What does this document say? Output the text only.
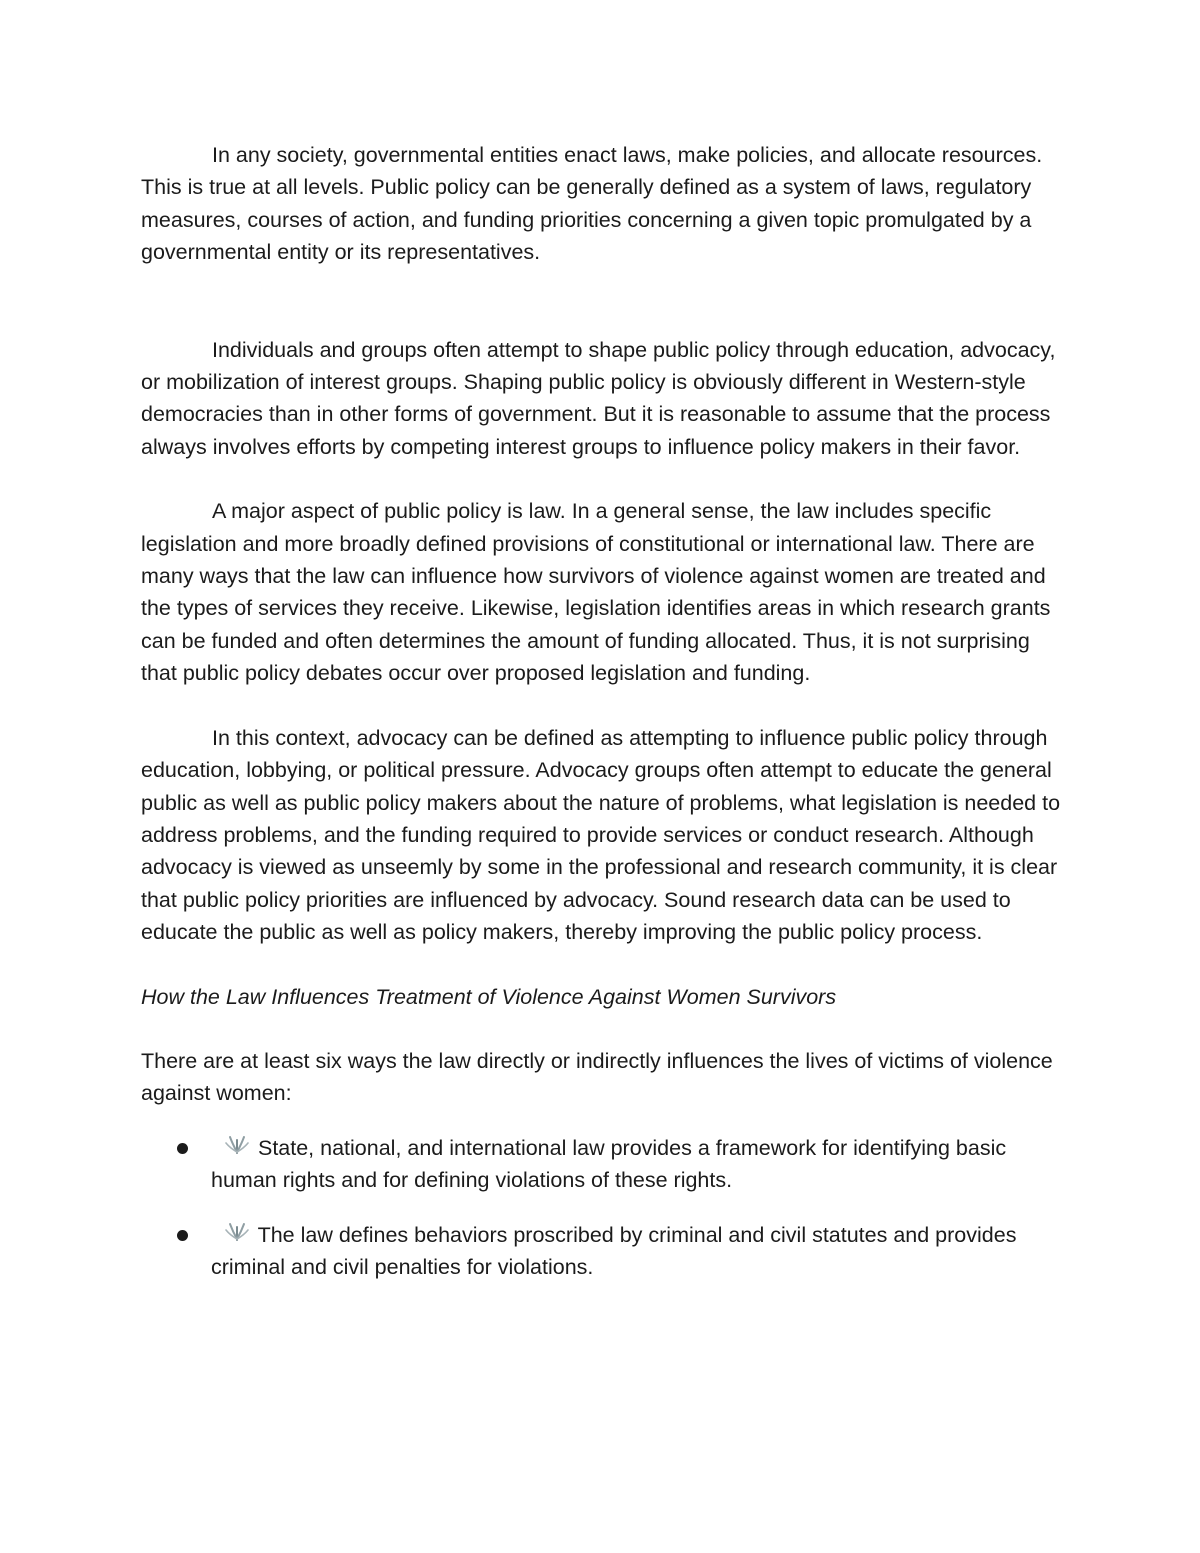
In any society, governmental entities enact laws, make policies, and allocate resources. This is true at all levels. Public policy can be generally defined as a system of laws, regulatory measures, courses of action, and funding priorities concerning a given topic promulgated by a governmental entity or its representatives.

Individuals and groups often attempt to shape public policy through education, advocacy, or mobilization of interest groups. Shaping public policy is obviously different in Western-style democracies than in other forms of government. But it is reasonable to assume that the process always involves efforts by competing interest groups to influence policy makers in their favor.

A major aspect of public policy is law. In a general sense, the law includes specific legislation and more broadly defined provisions of constitutional or international law. There are many ways that the law can influence how survivors of violence against women are treated and the types of services they receive. Likewise, legislation identifies areas in which research grants can be funded and often determines the amount of funding allocated. Thus, it is not surprising that public policy debates occur over proposed legislation and funding.

In this context, advocacy can be defined as attempting to influence public policy through education, lobbying, or political pressure. Advocacy groups often attempt to educate the general public as well as public policy makers about the nature of problems, what legislation is needed to address problems, and the funding required to provide services or conduct research. Although advocacy is viewed as unseemly by some in the professional and research community, it is clear that public policy priorities are influenced by advocacy. Sound research data can be used to educate the public as well as policy makers, thereby improving the public policy process.

How the Law Influences Treatment of Violence Against Women Survivors

There are at least six ways the law directly or indirectly influences the lives of victims of violence against women:

State, national, and international law provides a framework for identifying basic human rights and for defining violations of these rights.
The law defines behaviors proscribed by criminal and civil statutes and provides criminal and civil penalties for violations.
